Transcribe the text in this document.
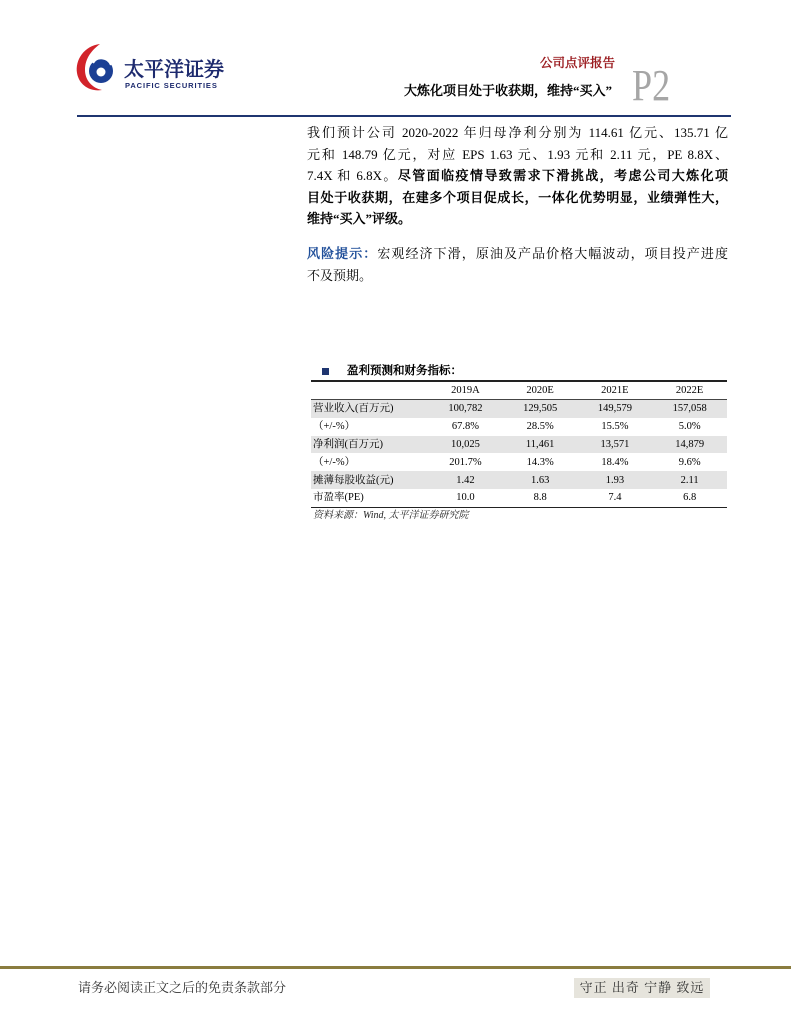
太平洋证券
PACIFIC SECURITIES
公司点评报告
大炼化项目处于收获期，维持“买入” P2
我们预计公司 2020-2022 年归母净利分别为 114.61 亿元、135.71 亿
元和 148.79 亿元，对应 EPS 1.63 元、1.93 元和 2.11 元，PE 8.8X、
7.4X 和 6.8X。尽管面临疫情导致需求下滑挑战，考虑公司大炼化项
目处于收获期，在建多个项目促成长，一体化优势明显，业绩弹性大，
维持“买入”评级。
风险提示：宏观经济下滑，原油及产品价格大幅波动，项目投产进度
不及预期。
盈利预测和财务指标：
	2019A	2020E	2021E	2022E
营业收入(百万元)	100,782	129,505	149,579	157,058
（+/-%）	67.8%	28.5%	15.5%	5.0%
净利润(百万元)	10,025	11,461	13,571	14,879
（+/-%）	201.7%	14.3%	18.4%	9.6%
摊薄每股收益(元)	1.42	1.63	1.93	2.11
市盈率(PE)	10.0	8.8	7.4	6.8
资料来源：Wind, 太平洋证券研究院
请务必阅读正文之后的免责条款部分	守正 出奇 宁静 致远
